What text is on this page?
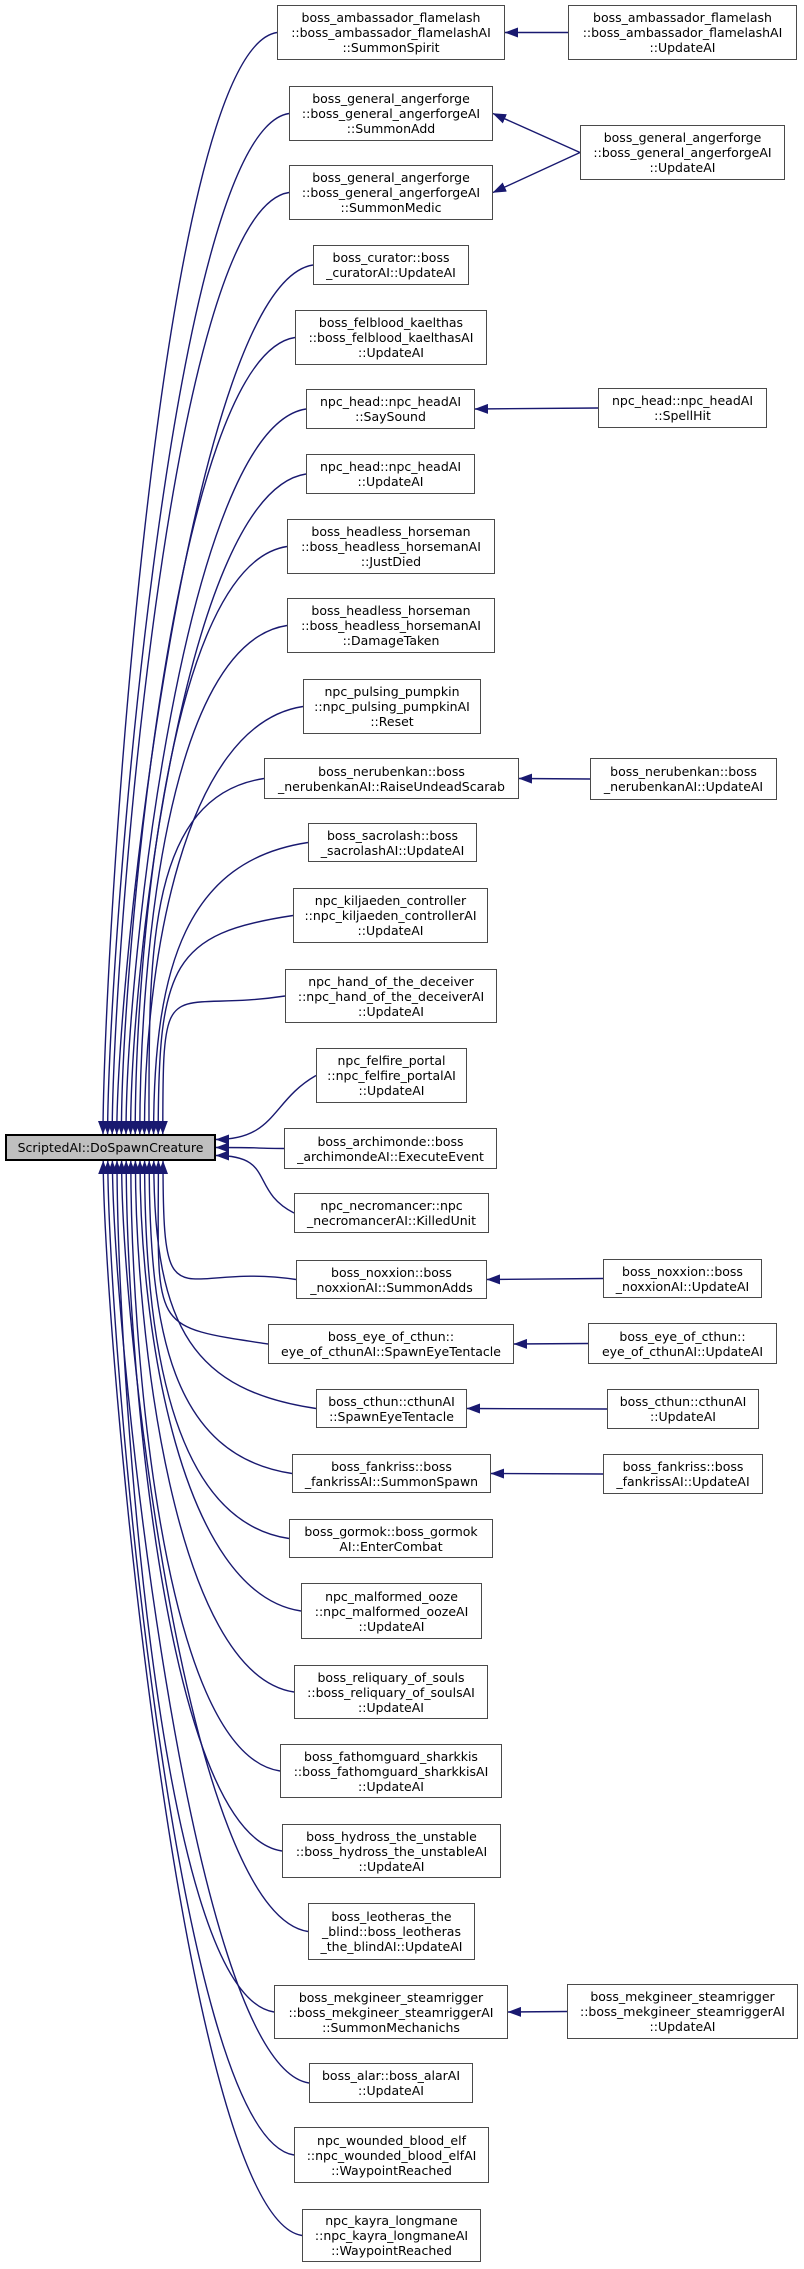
ScriptedAI::DoSpawnCreature
boss_ambassador_flamelash
::boss_ambassador_flamelashAI
::SummonSpirit
boss_general_angerforge
::boss_general_angerforgeAI
::SummonAdd
boss_general_angerforge
::boss_general_angerforgeAI
::SummonMedic
boss_curator::boss
_curatorAI::UpdateAI
boss_felblood_kaelthas
::boss_felblood_kaelthasAI
::UpdateAI
npc_head::npc_headAI
::SaySound
npc_head::npc_headAI
::UpdateAI
boss_headless_horseman
::boss_headless_horsemanAI
::JustDied
boss_headless_horseman
::boss_headless_horsemanAI
::DamageTaken
npc_pulsing_pumpkin
::npc_pulsing_pumpkinAI
::Reset
boss_nerubenkan::boss
_nerubenkanAI::RaiseUndeadScarab
boss_sacrolash::boss
_sacrolashAI::UpdateAI
npc_kiljaeden_controller
::npc_kiljaeden_controllerAI
::UpdateAI
npc_hand_of_the_deceiver
::npc_hand_of_the_deceiverAI
::UpdateAI
npc_felfire_portal
::npc_felfire_portalAI
::UpdateAI
boss_archimonde::boss
_archimondeAI::ExecuteEvent
npc_necromancer::npc
_necromancerAI::KilledUnit
boss_noxxion::boss
_noxxionAI::SummonAdds
boss_eye_of_cthun::
eye_of_cthunAI::SpawnEyeTentacle
boss_cthun::cthunAI
::SpawnEyeTentacle
boss_fankriss::boss
_fankrissAI::SummonSpawn
boss_gormok::boss_gormok
AI::EnterCombat
npc_malformed_ooze
::npc_malformed_oozeAI
::UpdateAI
boss_reliquary_of_souls
::boss_reliquary_of_soulsAI
::UpdateAI
boss_fathomguard_sharkkis
::boss_fathomguard_sharkkisAI
::UpdateAI
boss_hydross_the_unstable
::boss_hydross_the_unstableAI
::UpdateAI
boss_leotheras_the
_blind::boss_leotheras
_the_blindAI::UpdateAI
boss_mekgineer_steamrigger
::boss_mekgineer_steamriggerAI
::SummonMechanichs
boss_alar::boss_alarAI
::UpdateAI
npc_wounded_blood_elf
::npc_wounded_blood_elfAI
::WaypointReached
npc_kayra_longmane
::npc_kayra_longmaneAI
::WaypointReached
boss_ambassador_flamelash
::boss_ambassador_flamelashAI
::UpdateAI
boss_general_angerforge
::boss_general_angerforgeAI
::UpdateAI
npc_head::npc_headAI
::SpellHit
boss_nerubenkan::boss
_nerubenkanAI::UpdateAI
boss_noxxion::boss
_noxxionAI::UpdateAI
boss_eye_of_cthun::
eye_of_cthunAI::UpdateAI
boss_cthun::cthunAI
::UpdateAI
boss_fankriss::boss
_fankrissAI::UpdateAI
boss_mekgineer_steamrigger
::boss_mekgineer_steamriggerAI
::UpdateAI
